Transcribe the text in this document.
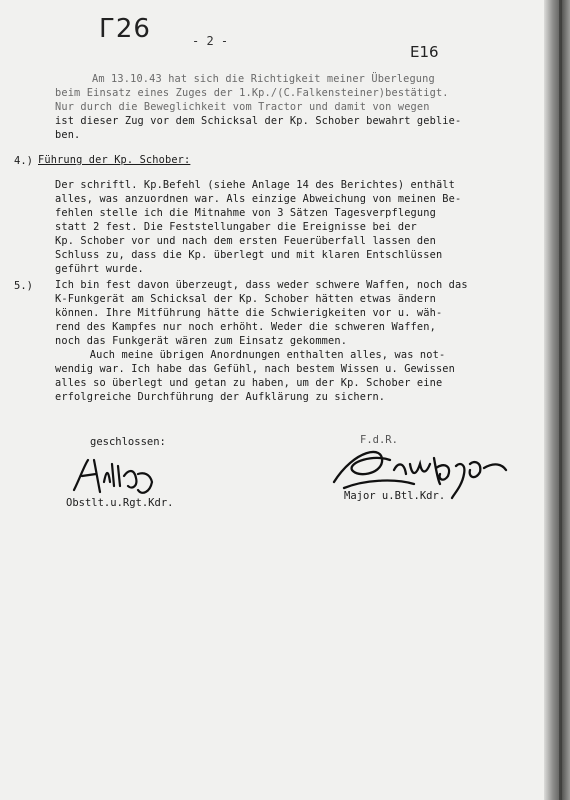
Г26	- 2 -
E16
Am 13.10.43 hat sich die Richtigkeit meiner Überlegung
beim Einsatz eines Zuges der 1.Kp./(C.Falkensteiner)bestätigt.
Nur durch die Beweglichkeit vom Tractor und damit von wegen
ist dieser Zug vor dem Schicksal der Kp. Schober bewahrt geblie-
ben.
4.) Führung der Kp. Schober:
Der schriftl. Kp.Befehl (siehe Anlage 14 des Berichtes) enthält
alles, was anzuordnen war. Als einzige Abweichung von meinen Be-
fehlen stelle ich die Mitnahme von 3 Sätzen Tagesverpflegung
statt 2 fest. Die Feststellungaber die Ereignisse bei der
Kp. Schober vor und nach dem ersten Feuerüberfall lassen den
Schluss zu, dass die Kp. überlegt und mit klaren Entschlüssen
geführt wurde.
5.) Ich bin fest davon überzeugt, dass weder schwere Waffen, noch das
K-Funkgerät am Schicksal der Kp. Schober hätten etwas ändern
können. Ihre Mitführung hätte die Schwierigkeiten vor u. wäh-
rend des Kampfes nur noch erhöht. Weder die schweren Waffen,
noch das Funkgerät wären zum Einsatz gekommen.
Auch meine übrigen Anordnungen enthalten alles, was not-
wendig war. Ich habe das Gefühl, nach bestem Wissen u. Gewissen
alles so überlegt und getan zu haben, um der Kp. Schober eine
erfolgreiche Durchführung der Aufklärung zu sichern.
geschlossen:	F.d.R.
Obstlt.u.Rgt.Kdr.
Major u.Btl.Kdr.
